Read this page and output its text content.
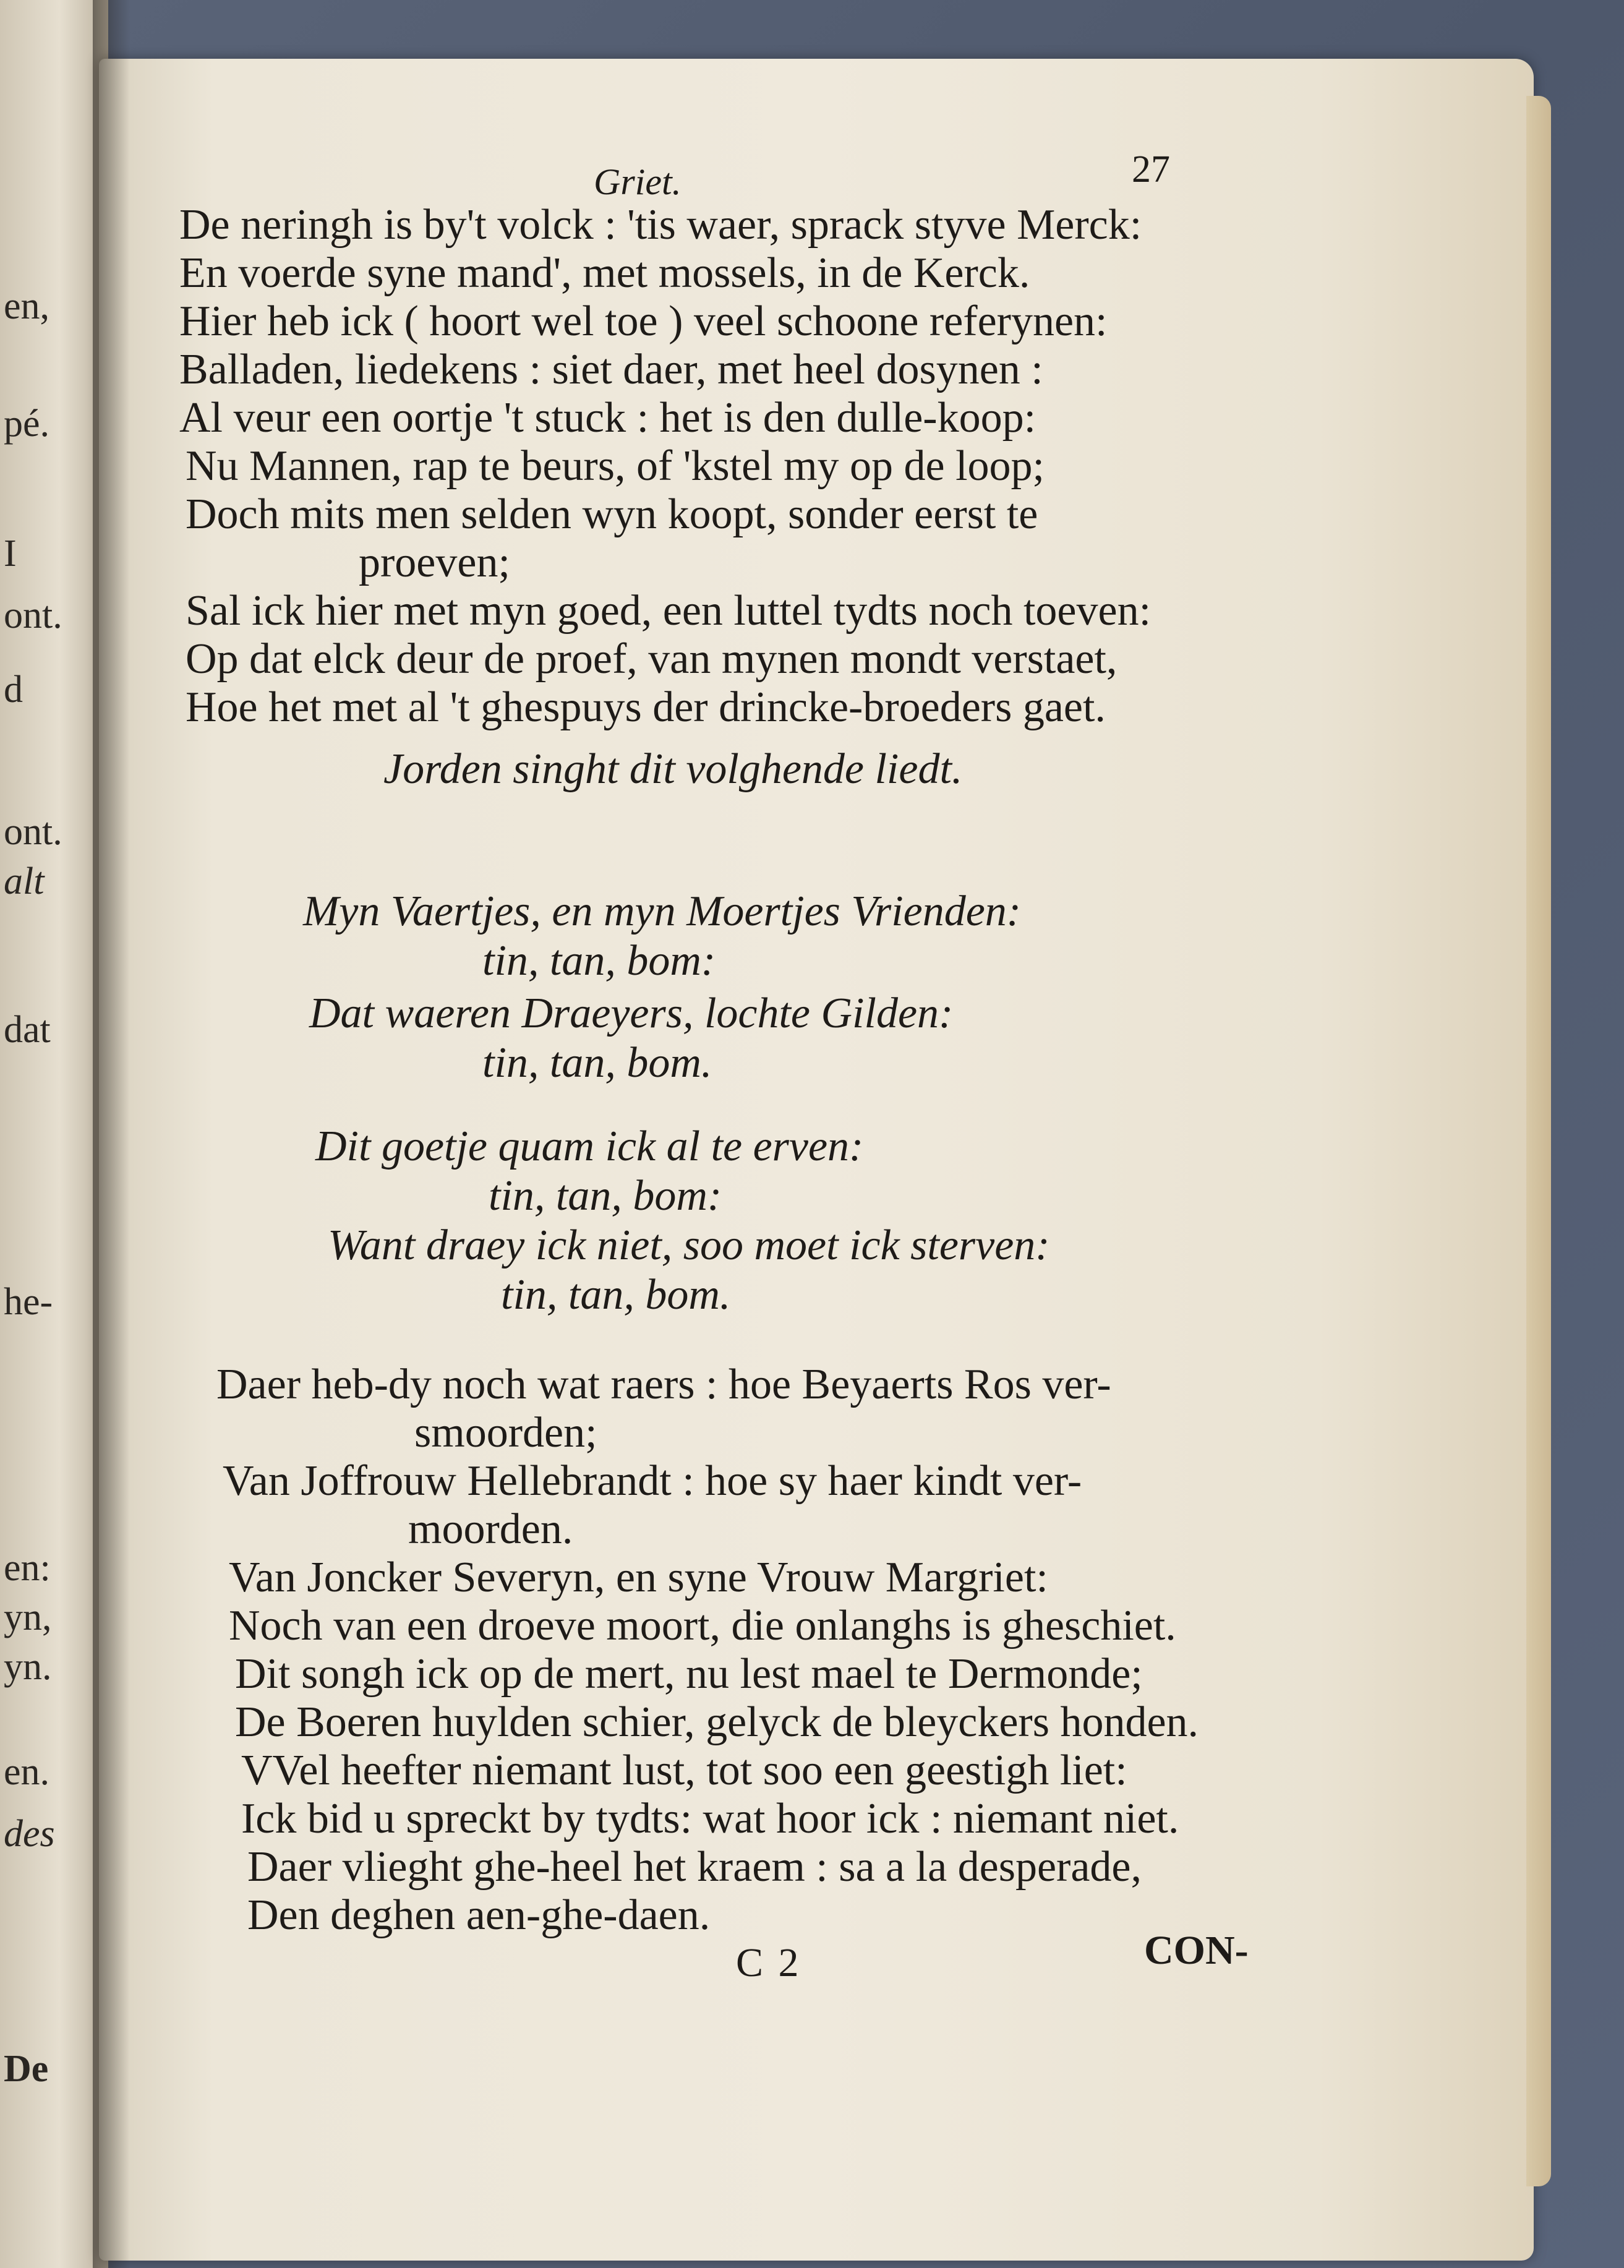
en,
pé.
I
ont.
d
ont.
alt
dat
he-
en:
yn,
yn.
en.
des
De
Griet.	27
De neringh is by't volck : 'tis waer, sprack styve Merck:
En voerde syne mand', met mossels, in de Kerck.
Hier heb ick ( hoort wel toe ) veel schoone referynen:
Balladen, liedekens : siet daer, met heel dosynen :
Al veur een oortje 't stuck : het is den dulle-koop:
Nu Mannen, rap te beurs, of 'kstel my op de loop;
Doch mits men selden wyn koopt, sonder eerst te
proeven;
Sal ick hier met myn goed, een luttel tydts noch toeven:
Op dat elck deur de proef, van mynen mondt verstaet,
Hoe het met al 't ghespuys der drincke-broeders gaet.
Jorden singht dit volghende liedt.
Myn Vaertjes, en myn Moertjes Vrienden:
tin, tan, bom:
Dat waeren Draeyers, lochte Gilden:
tin, tan, bom.
Dit goetje quam ick al te erven:
tin, tan, bom:
Want draey ick niet, soo moet ick sterven:
tin, tan, bom.
Daer heb-dy noch wat raers : hoe Beyaerts Ros ver-
smoorden;
Van Joffrouw Hellebrandt : hoe sy haer kindt ver-
moorden.
Van Joncker Severyn, en syne Vrouw Margriet:
Noch van een droeve moort, die onlanghs is gheschiet.
Dit songh ick op de mert, nu lest mael te Dermonde;
De Boeren huylden schier, gelyck de bleyckers honden.
VVel heefter niemant lust, tot soo een geestigh liet:
Ick bid u spreckt by tydts: wat hoor ick : niemant niet.
Daer vlieght ghe-heel het kraem : sa a la desperade,
Den deghen aen-ghe-daen.
C 2	CON-
